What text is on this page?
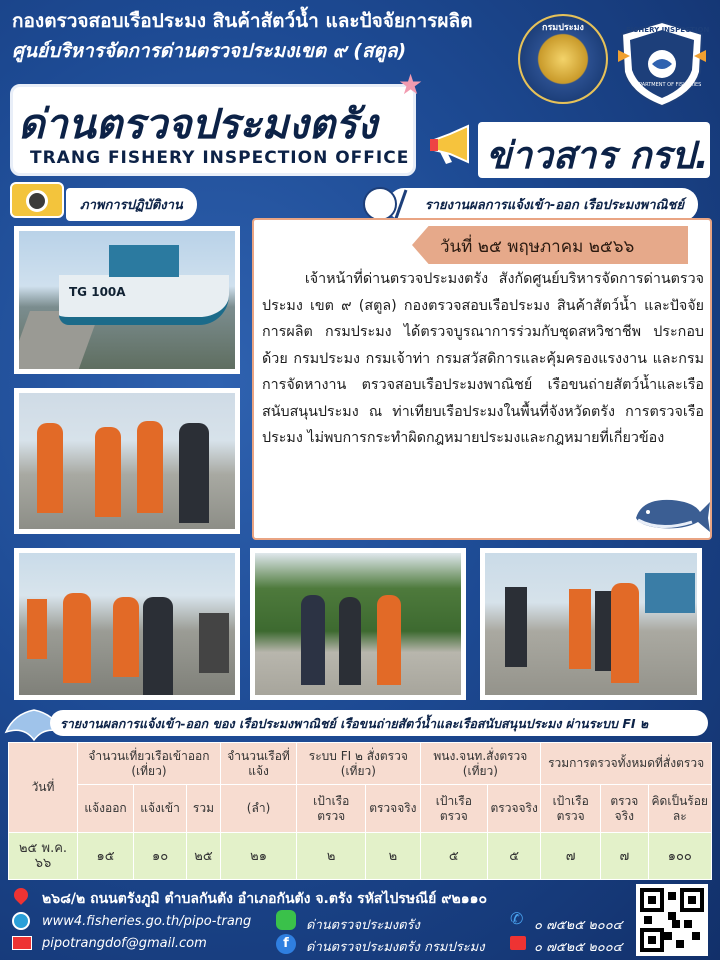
กองตรวจสอบเรือประมง สินค้าสัตว์น้ำ และปัจจัยการผลิต
ศูนย์บริหารจัดการด่านตรวจประมงเขต ๙ (สตูล)
กรมประมง	FISHERY INSPECTION
DEPARTMENT OF FISHERIES
ด่านตรวจประมงตรัง
TRANG FISHERY INSPECTION OFFICE
★
ข่าวสาร กรป.
ภาพการปฏิบัติงาน	รายงานผลการแจ้งเข้า-ออก เรือประมงพาณิชย์
TG 100A
วันที่ ๒๕ พฤษภาคม ๒๕๖๖
เจ้าหน้าที่ด่านตรวจประมงตรัง สังกัดศูนย์บริหารจัดการด่านตรวจประมง เขต ๙ (สตูล) กองตรวจสอบเรือประมง สินค้าสัตว์น้ำ และปัจจัยการผลิต กรมประมง ได้ตรวจบูรณาการร่วมกับชุดสหวิชาชีพ ประกอบด้วย กรมประมง กรมเจ้าท่า กรมสวัสดิการและคุ้มครองแรงงาน และกรมการจัดหางาน ตรวจสอบเรือประมงพาณิชย์ เรือขนถ่ายสัตว์น้ำและเรือสนับสนุนประมง ณ ท่าเทียบเรือประมงในพื้นที่จังหวัดตรัง การตรวจเรือประมง ไม่พบการกระทำผิดกฎหมายประมงและกฎหมายที่เกี่ยวข้อง
รายงานผลการแจ้งเข้า-ออก ของ เรือประมงพาณิชย์ เรือขนถ่ายสัตว์น้ำและเรือสนับสนุนประมง ผ่านระบบ FI ๒
วันที่	จำนวนเที่ยวเรือเข้าออก (เที่ยว)			จำนวนเรือที่แจ้ง	ระบบ FI ๒ สั่งตรวจ (เที่ยว)		พนง.จนท.สั่งตรวจ (เที่ยว)		รวมการตรวจทั้งหมดที่สั่งตรวจ		
	แจ้งออก	แจ้งเข้า	รวม	(ลำ)	เป้าเรือตรวจ	ตรวจจริง	เป้าเรือตรวจ	ตรวจจริง	เป้าเรือตรวจ	ตรวจจริง	คิดเป็นร้อยละ
๒๕ พ.ค. ๖๖	๑๕	๑๐	๒๕	๒๑	๒	๒	๕	๕	๗	๗	๑๐๐
๒๖๘/๒ ถนนตรังภูมิ ตำบลกันตัง อำเภอกันตัง จ.ตรัง รหัสไปรษณีย์ ๙๒๑๑๐
www4.fisheries.go.th/pipo-trang
pipotrangdof@gmail.com
ด่านตรวจประมงตรัง
f	ด่านตรวจประมงตรัง กรมประมง
✆ ๐ ๗๕๒๕ ๒๐๐๔
๐ ๗๕๒๕ ๒๐๐๔
